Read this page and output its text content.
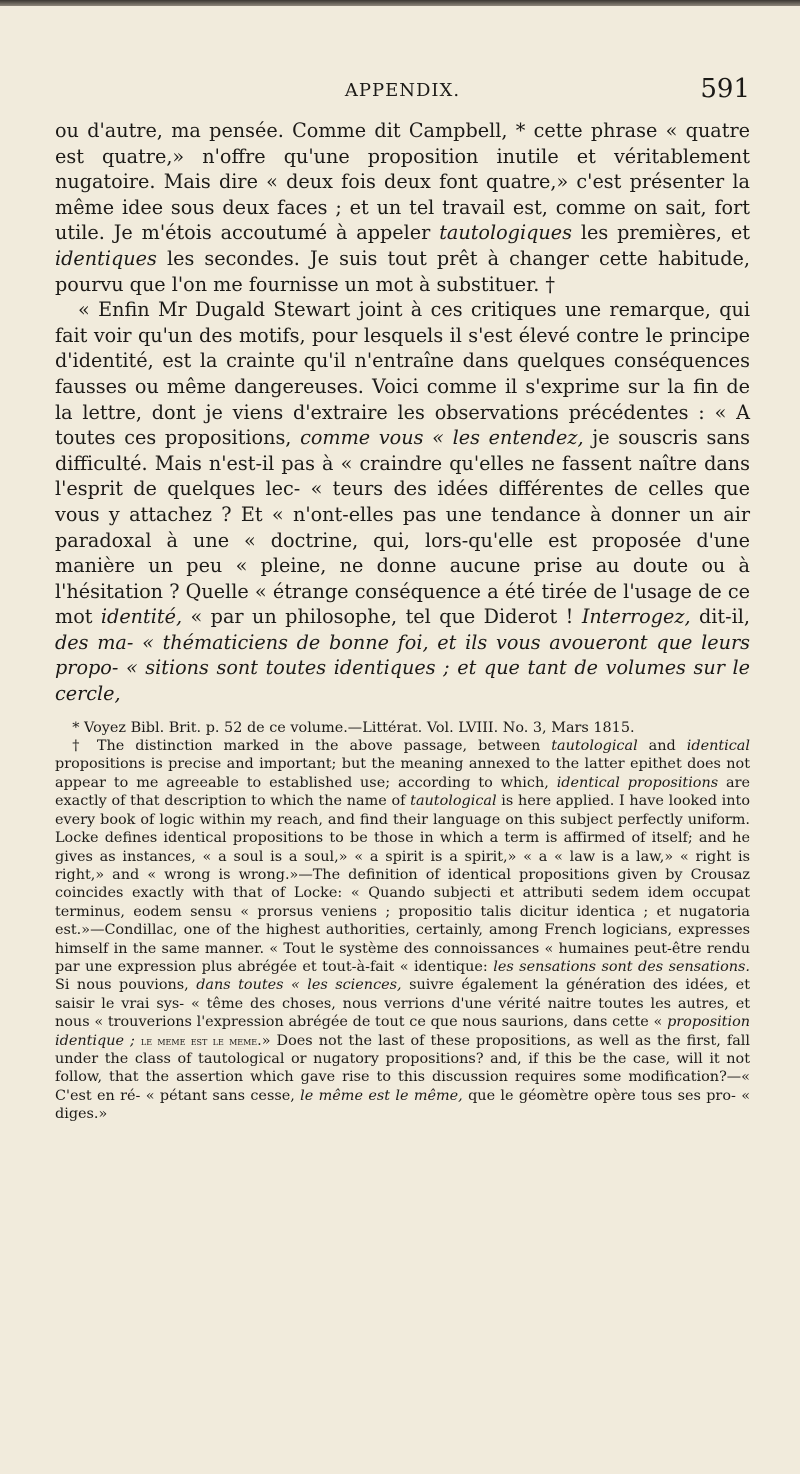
APPENDIX.	591

ou d'autre, ma pensée. Comme dit Campbell, * cette phrase « quatre est quatre,» n'offre qu'une proposition inutile et véritablement nugatoire. Mais dire « deux fois deux font quatre,» c'est présenter la même idee sous deux faces ; et un tel travail est, comme on sait, fort utile. Je m'étois accoutumé à appeler tautologiques les premières, et identiques les secondes. Je suis tout prêt à changer cette habitude, pourvu que l'on me fournisse un mot à substituer. †

« Enfin Mr Dugald Stewart joint à ces critiques une remarque, qui fait voir qu'un des motifs, pour lesquels il s'est élevé contre le principe d'identité, est la crainte qu'il n'entraîne dans quelques conséquences fausses ou même dangereuses. Voici comme il s'exprime sur la fin de la lettre, dont je viens d'extraire les observations précédentes : « A toutes ces propositions, comme vous « les entendez, je souscris sans difficulté. Mais n'est-il pas à « craindre qu'elles ne fassent naître dans l'esprit de quelques lec- « teurs des idées différentes de celles que vous y attachez ? Et « n'ont-elles pas une tendance à donner un air paradoxal à une « doctrine, qui, lors-qu'elle est proposée d'une manière un peu « pleine, ne donne aucune prise au doute ou à l'hésitation ? Quelle « étrange conséquence a été tirée de l'usage de ce mot identité, « par un philosophe, tel que Diderot ! Interrogez, dit-il, des ma- « thématiciens de bonne foi, et ils vous avoueront que leurs propo- « sitions sont toutes identiques ; et que tant de volumes sur le cercle,

* Voyez Bibl. Brit. p. 52 de ce volume.—Littérat. Vol. LVIII. No. 3, Mars 1815.

† The distinction marked in the above passage, between tautological and identical propositions is precise and important; but the meaning annexed to the latter epithet does not appear to me agreeable to established use; according to which, identical propositions are exactly of that description to which the name of tautological is here applied. I have looked into every book of logic within my reach, and find their language on this subject perfectly uniform. Locke defines identical propositions to be those in which a term is affirmed of itself; and he gives as instances, « a soul is a soul,» « a spirit is a spirit,» « a « law is a law,» « right is right,» and « wrong is wrong.»—The definition of identical propositions given by Crousaz coincides exactly with that of Locke: « Quando subjecti et attributi sedem idem occupat terminus, eodem sensu « prorsus veniens ; propositio talis dicitur identica ; et nugatoria est.»—Condillac, one of the highest authorities, certainly, among French logicians, expresses himself in the same manner. « Tout le système des connoissances « humaines peut-être rendu par une expression plus abrégée et tout-à-fait « identique: les sensations sont des sensations. Si nous pouvions, dans toutes « les sciences, suivre également la génération des idées, et saisir le vrai sys- « tême des choses, nous verrions d'une vérité naitre toutes les autres, et nous « trouverions l'expression abrégée de tout ce que nous saurions, dans cette « proposition identique ; le meme est le meme.» Does not the last of these propositions, as well as the first, fall under the class of tautological or nugatory propositions? and, if this be the case, will it not follow, that the assertion which gave rise to this discussion requires some modification?—« C'est en ré- « pétant sans cesse, le même est le même, que le géomètre opère tous ses pro- « diges.»
